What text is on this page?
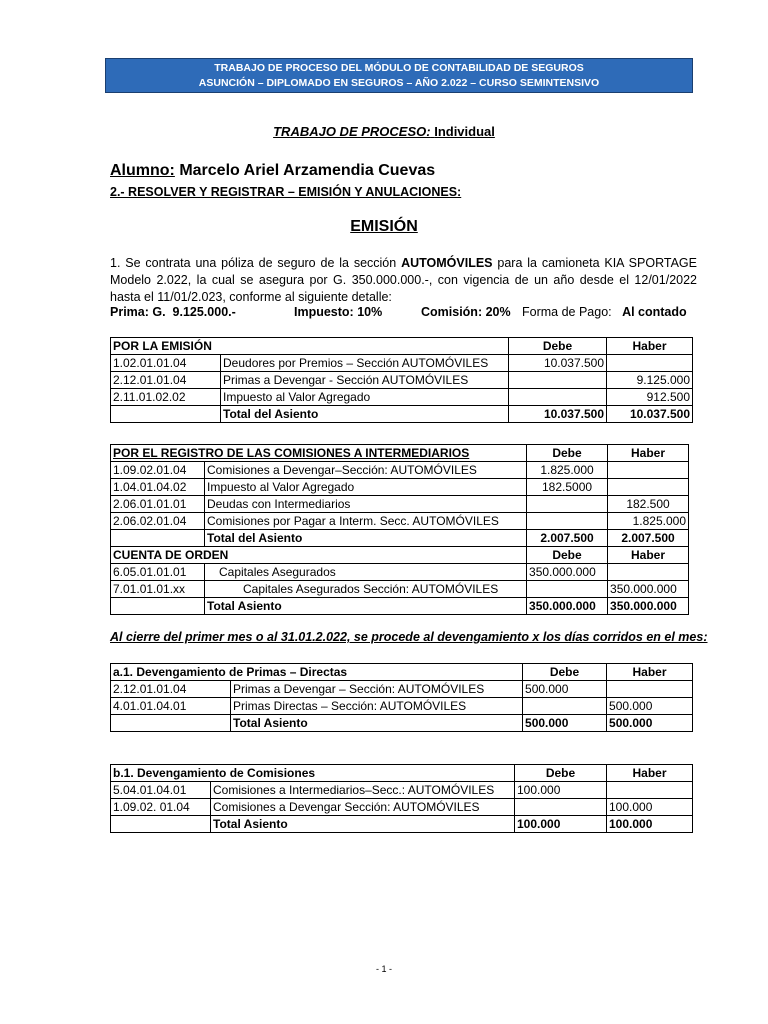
TRABAJO DE PROCESO DEL MÓDULO DE CONTABILIDAD DE SEGUROS
ASUNCIÓN – DIPLOMADO EN SEGUROS – AÑO 2.022 – CURSO SEMINTENSIVO
TRABAJO DE PROCESO: Individual
Alumno: Marcelo Ariel Arzamendia Cuevas
2.- RESOLVER Y REGISTRAR – EMISIÓN Y ANULACIONES:
EMISIÓN
1. Se contrata una póliza de seguro de la sección AUTOMÓVILES para la camioneta KIA SPORTAGE Modelo 2.022, la cual se asegura por G. 350.000.000.-, con vigencia de un año desde el 12/01/2022 hasta el 11/01/2.023, conforme al siguiente detalle:
Prima: G. 9.125.000.-	Impuesto: 10%	Comisión: 20% Forma de Pago: Al contado
POR LA EMISIÓN		Debe	Haber
1.02.01.01.04	Deudores por Premios – Sección AUTOMÓVILES	10.037.500	
2.12.01.01.04	Primas a Devengar - Sección AUTOMÓVILES		9.125.000
2.11.01.02.02	Impuesto al Valor Agregado		912.500
	Total del Asiento	10.037.500	10.037.500
POR EL REGISTRO DE LAS COMISIONES A INTERMEDIARIOS		Debe	Haber
1.09.02.01.04	Comisiones a Devengar–Sección: AUTOMÓVILES	1.825.000	
1.04.01.04.02	Impuesto al Valor Agregado	182.5000	
2.06.01.01.01	Deudas con Intermediarios		182.500
2.06.02.01.04	Comisiones por Pagar a Interm. Secc. AUTOMÓVILES		1.825.000
	Total del Asiento	2.007.500	2.007.500
CUENTA DE ORDEN		Debe	Haber
6.05.01.01.01	Capitales Asegurados	350.000.000	
7.01.01.01.xx	Capitales Asegurados Sección: AUTOMÓVILES		350.000.000
	Total Asiento	350.000.000	350.000.000
Al cierre del primer mes o al 31.01.2.022, se procede al devengamiento x los días corridos en el mes:
a.1. Devengamiento de Primas – Directas		Debe	Haber
2.12.01.01.04	Primas a Devengar – Sección: AUTOMÓVILES	500.000	
4.01.01.04.01	Primas Directas – Sección: AUTOMÓVILES		500.000
	Total Asiento	500.000	500.000
b.1. Devengamiento de Comisiones		Debe	Haber
5.04.01.04.01	Comisiones a Intermediarios–Secc.: AUTOMÓVILES	100.000	
1.09.02. 01.04	Comisiones a Devengar Sección: AUTOMÓVILES		100.000
	Total Asiento	100.000	100.000
- 1 -
